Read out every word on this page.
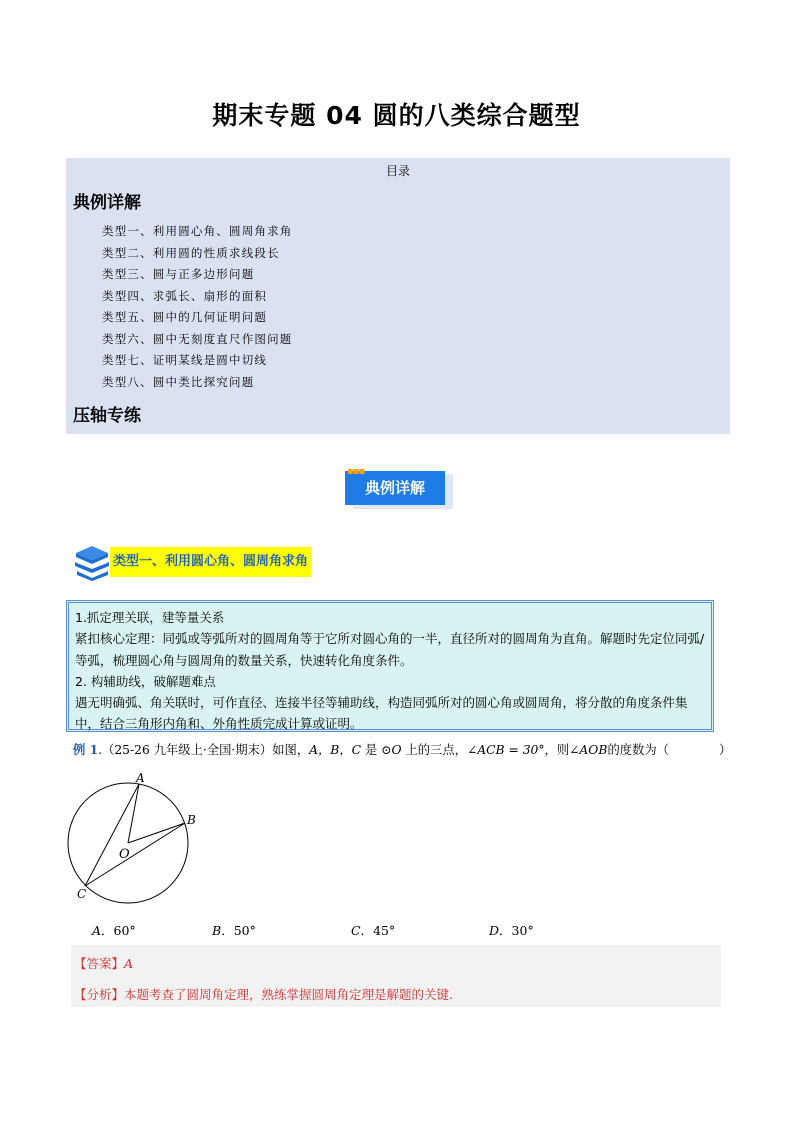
期末专题 04 圆的八类综合题型
目录
典例详解
类型一、利用圆心角、圆周角求角
类型二、利用圆的性质求线段长
类型三、圆与正多边形问题
类型四、求弧长、扇形的面积
类型五、圆中的几何证明问题
类型六、圆中无刻度直尺作图问题
类型七、证明某线是圆中切线
类型八、圆中类比探究问题
压轴专练
典例详解
▪▪▪
类型一、利用圆心角、圆周角求角

1.抓定理关联，建等量关系

紧扣核心定理：同弧或等弧所对的圆周角等于它所对圆心角的一半，直径所对的圆周角为直角。解题时先定位同弧/等弧，梳理圆心角与圆周角的数量关系，快速转化角度条件。

2. 构辅助线，破解题难点

遇无明确弧、角关联时，可作直径、连接半径等辅助线，构造同弧所对的圆心角或圆周角，将分散的角度条件集中，结合三角形内角和、外角性质完成计算或证明。

例 1.（25-26 九年级上·全国·期末）如图，A，B，C 是 ⊙O 上的三点，∠ACB = 30°，则∠AOB的度数为（	）
A
B
C
O
A．60°	B．50°	C．45°	D．30°
【答案】A
【分析】本题考查了圆周角定理，熟练掌握圆周角定理是解题的关键.
